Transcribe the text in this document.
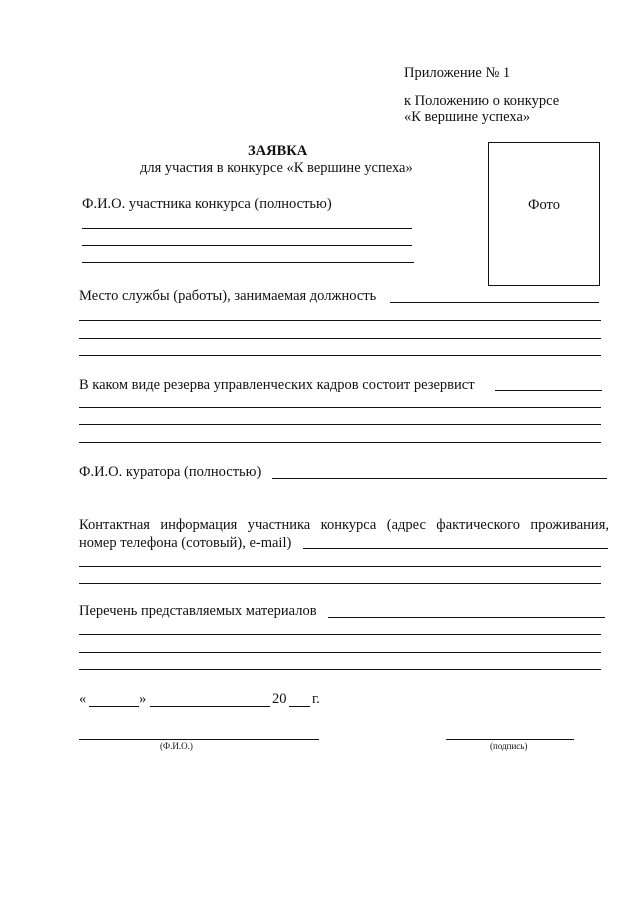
Приложение № 1
к Положению о конкурсе
«К вершине успеха»
ЗАЯВКА
для участия в конкурсе «К вершине успеха»
Фото
Ф.И.О. участника конкурса (полностью)
Место службы (работы), занимаемая должность
В каком виде резерва управленческих кадров состоит резервист
Ф.И.О. куратора (полностью)
Контактная информация участника конкурса (адрес фактического проживания,
номер телефона (сотовый), e-mail)
Перечень представляемых материалов
«	»	20 г.
(Ф.И.О.)	(подпись)
